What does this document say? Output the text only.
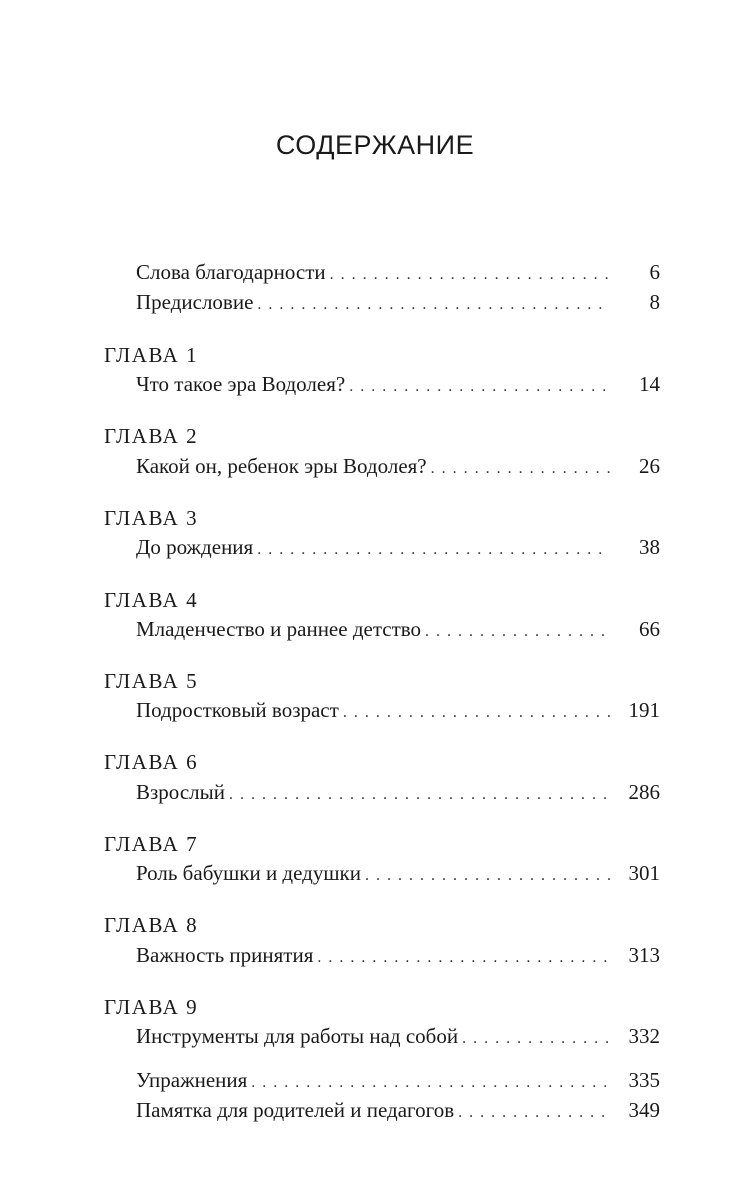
СОДЕРЖАНИЕ
Слова благодарности . . .	6
Предисловие . . .	8
ГЛАВА 1
Что такое эра Водолея? . . .	14
ГЛАВА 2
Какой он, ребенок эры Водолея? . . .	26
ГЛАВА 3
До рождения . . .	38
ГЛАВА 4
Младенчество и раннее детство . . .	66
ГЛАВА 5
Подростковый возраст . . .	191
ГЛАВА 6
Взрослый . . .	286
ГЛАВА 7
Роль бабушки и дедушки . . .	301
ГЛАВА 8
Важность принятия . . .	313
ГЛАВА 9
Инструменты для работы над собой . . .	332
Упражнения . . .	335
Памятка для родителей и педагогов . . .	349
